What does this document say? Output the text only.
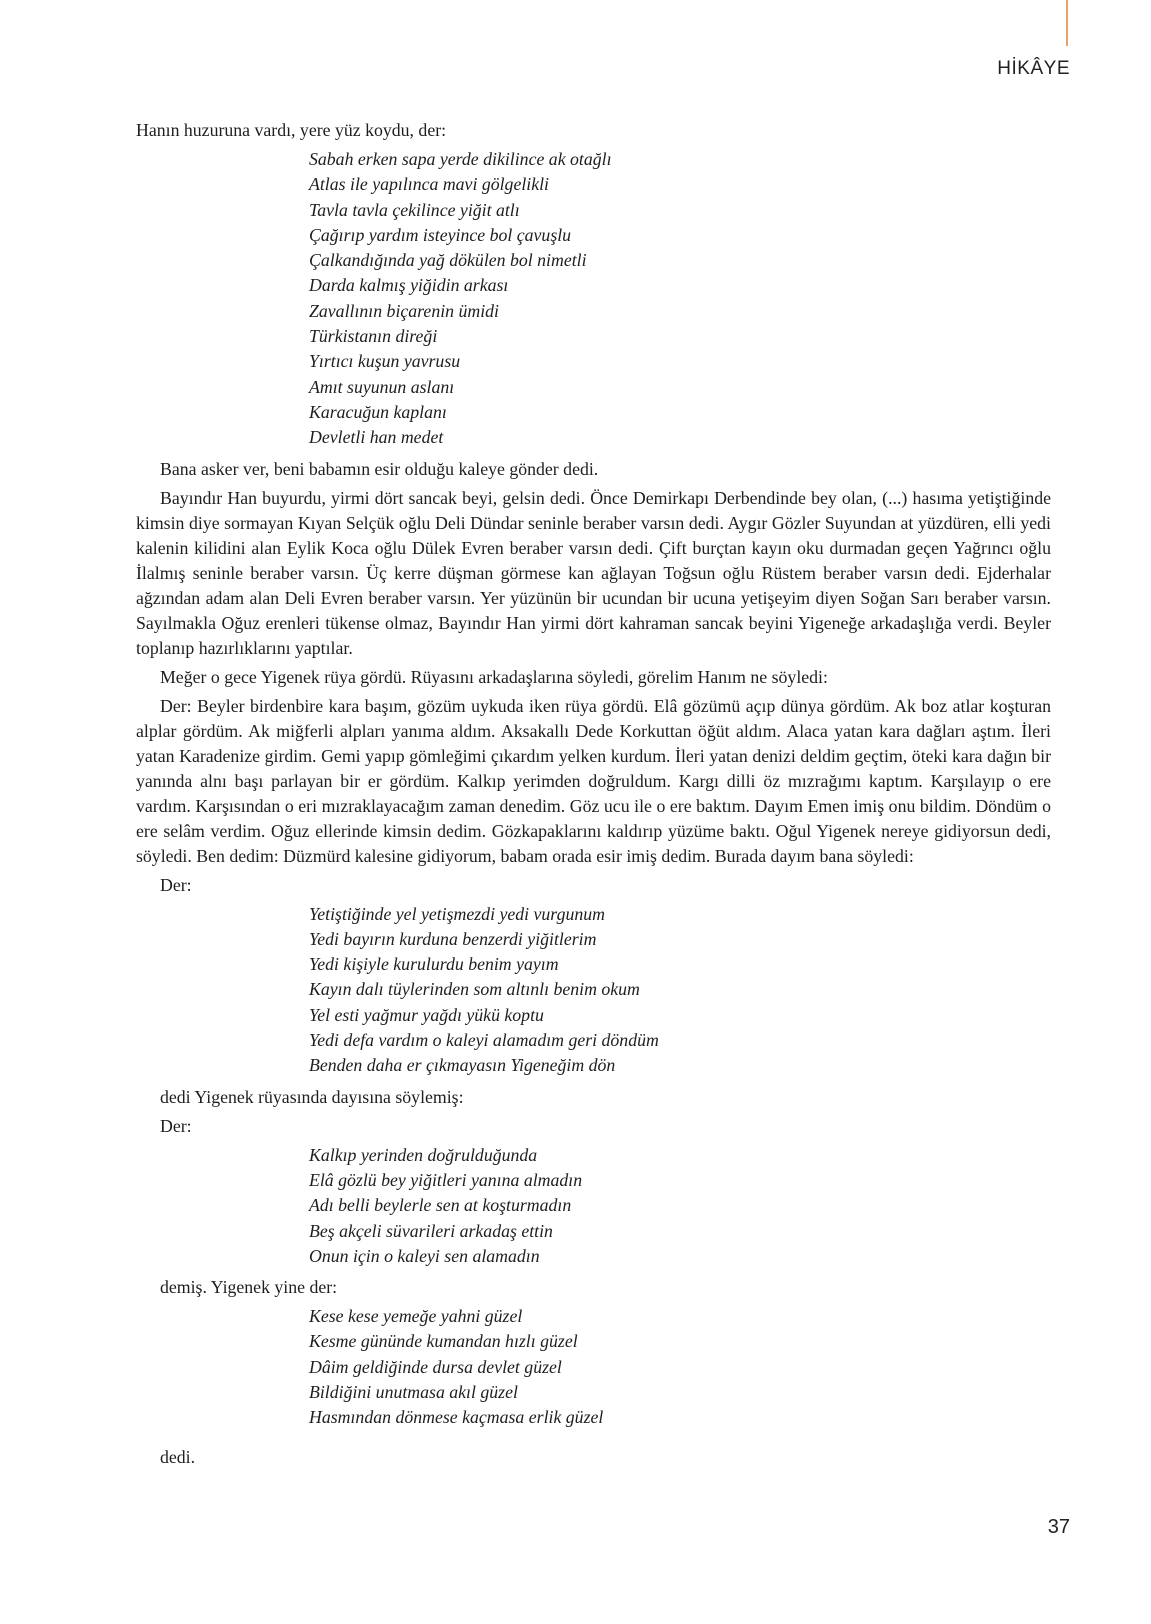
HİKÂYE

Hanın huzuruna vardı, yere yüz koydu, der:

Sabah erken sapa yerde dikilince ak otağlı
Atlas ile yapılınca mavi gölgelikli
Tavla tavla çekilince yiğit atlı
Çağırıp yardım isteyince bol çavuşlu
Çalkandığında yağ dökülen bol nimetli
Darda kalmış yiğidin arkası
Zavallının biçarenin ümidi
Türkistanın direği
Yırtıcı kuşun yavrusu
Amıt suyunun aslanı
Karacuğun kaplanı
Devletli han medet

Bana asker ver, beni babamın esir olduğu kaleye gönder dedi.

Bayındır Han buyurdu, yirmi dört sancak beyi, gelsin dedi. Önce Demirkapı Derbendinde bey olan, (...) hasıma yetiştiğinde kimsin diye sormayan Kıyan Selçük oğlu Deli Dündar seninle beraber varsın dedi. Aygır Gözler Suyundan at yüzdüren, elli yedi kalenin kilidini alan Eylik Koca oğlu Dülek Evren beraber varsın dedi. Çift burçtan kayın oku durmadan geçen Yağrıncı oğlu İlalmış seninle beraber varsın. Üç kerre düşman görmese kan ağlayan Toğsun oğlu Rüstem beraber varsın dedi. Ejderhalar ağzından adam alan Deli Evren beraber varsın. Yer yüzünün bir ucundan bir ucuna yetişeyim diyen Soğan Sarı beraber varsın. Sayılmakla Oğuz erenleri tükense olmaz, Bayındır Han yirmi dört kahraman sancak beyini Yigeneğe arkadaşlığa verdi. Beyler toplanıp hazırlıklarını yaptılar.

Meğer o gece Yigenek rüya gördü. Rüyasını arkadaşlarına söyledi, görelim Hanım ne söyledi:

Der: Beyler birdenbire kara başım, gözüm uykuda iken rüya gördü. Elâ gözümü açıp dünya gördüm. Ak boz atlar koşturan alplar gördüm. Ak miğferli alpları yanıma aldım. Aksakallı Dede Korkuttan öğüt aldım. Alaca yatan kara dağları aştım. İleri yatan Karadenize girdim. Gemi yapıp gömleğimi çıkardım yelken kurdum. İleri yatan denizi deldim geçtim, öteki kara dağın bir yanında alnı başı parlayan bir er gördüm. Kalkıp yerimden doğruldum. Kargı dilli öz mızrağımı kaptım. Karşılayıp o ere vardım. Karşısından o eri mızraklayacağım zaman denedim. Göz ucu ile o ere baktım. Dayım Emen imiş onu bildim. Döndüm o ere selâm verdim. Oğuz ellerinde kimsin dedim. Gözkapaklarını kaldırıp yüzüme baktı. Oğul Yigenek nereye gidiyorsun dedi, söyledi. Ben dedim: Düzmürd kalesine gidiyorum, babam orada esir imiş dedim. Burada dayım bana söyledi:

Der:
Yetiştiğinde yel yetişmezdi yedi vurgunum
Yedi bayırın kurduna benzerdi yiğitlerim
Yedi kişiyle kurulurdu benim yayım
Kayın dalı tüylerinden som altınlı benim okum
Yel esti yağmur yağdı yükü koptu
Yedi defa vardım o kaleyi alamadım geri döndüm
Benden daha er çıkmayasın Yigeneğim dön
dedi Yigenek rüyasında dayısına söylemiş:
Der:
Kalkıp yerinden doğrulduğunda
Elâ gözlü bey yiğitleri yanına almadın
Adı belli beylerle sen at koşturmadın
Beş akçeli süvarileri arkadaş ettin
Onun için o kaleyi sen alamadın
demiş. Yigenek yine der:
Kese kese yemeğe yahni güzel
Kesme gününde kumandan hızlı güzel
Dâim geldiğinde dursa devlet güzel
Bildiğini unutmasa akıl güzel
Hasmından dönmese kaçmasa erlik güzel
dedi.
37
